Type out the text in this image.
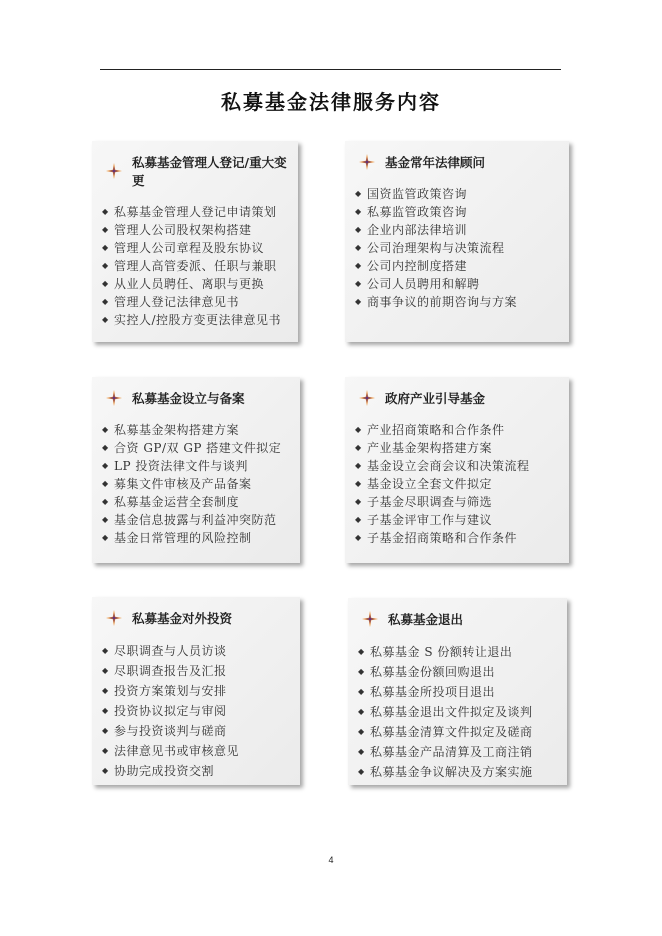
私募基金法律服务内容
私募基金管理人登记/重大变更
◆ 私募基金管理人登记申请策划
◆ 管理人公司股权架构搭建
◆ 管理人公司章程及股东协议
◆ 管理人高管委派、任职与兼职
◆ 从业人员聘任、离职与更换
◆ 管理人登记法律意见书
◆ 实控人/控股方变更法律意见书
基金常年法律顾问
◆ 国资监管政策咨询
◆ 私募监管政策咨询
◆ 企业内部法律培训
◆ 公司治理架构与决策流程
◆ 公司内控制度搭建
◆ 公司人员聘用和解聘
◆ 商事争议的前期咨询与方案
私募基金设立与备案
◆ 私募基金架构搭建方案
◆ 合资 GP/双 GP 搭建文件拟定
◆ LP 投资法律文件与谈判
◆ 募集文件审核及产品备案
◆ 私募基金运营全套制度
◆ 基金信息披露与利益冲突防范
◆ 基金日常管理的风险控制
政府产业引导基金
◆ 产业招商策略和合作条件
◆ 产业基金架构搭建方案
◆ 基金设立会商会议和决策流程
◆ 基金设立全套文件拟定
◆ 子基金尽职调查与筛选
◆ 子基金评审工作与建议
◆ 子基金招商策略和合作条件
私募基金对外投资
◆ 尽职调查与人员访谈
◆ 尽职调查报告及汇报
◆ 投资方案策划与安排
◆ 投资协议拟定与审阅
◆ 参与投资谈判与磋商
◆ 法律意见书或审核意见
◆ 协助完成投资交割
私募基金退出
◆ 私募基金 S 份额转让退出
◆ 私募基金份额回购退出
◆ 私募基金所投项目退出
◆ 私募基金退出文件拟定及谈判
◆ 私募基金清算文件拟定及磋商
◆ 私募基金产品清算及工商注销
◆ 私募基金争议解决及方案实施
4
